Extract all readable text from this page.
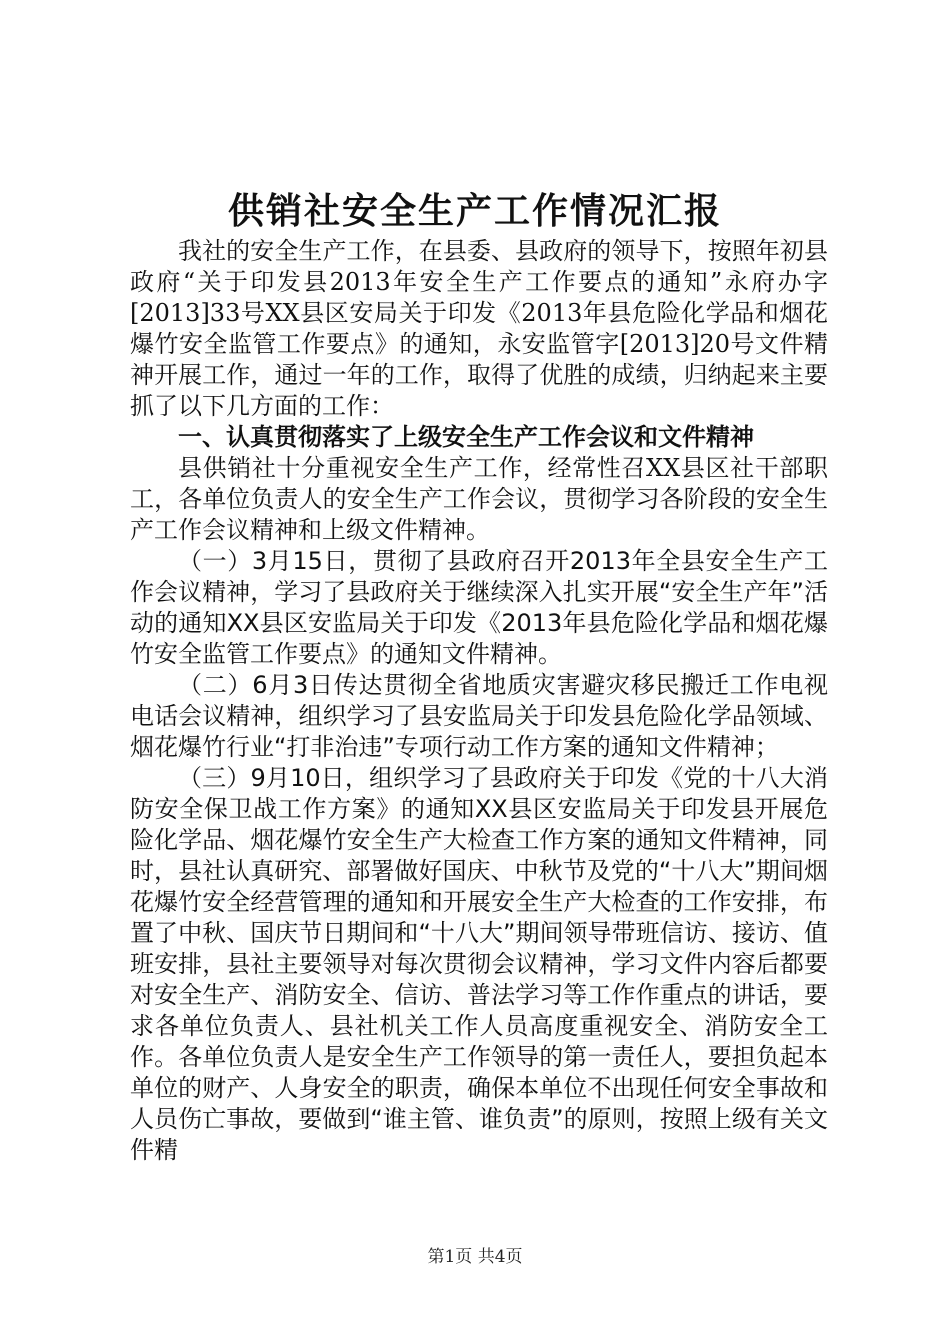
供销社安全生产工作情况汇报

我社的安全生产工作，在县委、县政府的领导下，按照年初县政府“关于印发县2013年安全生产工作要点的通知”永府办字[2013]33号XX县区安局关于印发《2013年县危险化学品和烟花爆竹安全监管工作要点》的通知，永安监管字[2013]20号文件精神开展工作，通过一年的工作，取得了优胜的成绩，归纳起来主要抓了以下几方面的工作：

一、认真贯彻落实了上级安全生产工作会议和文件精神

县供销社十分重视安全生产工作，经常性召XX县区社干部职工，各单位负责人的安全生产工作会议，贯彻学习各阶段的安全生产工作会议精神和上级文件精神。

（一）3月15日，贯彻了县政府召开2013年全县安全生产工作会议精神，学习了县政府关于继续深入扎实开展“安全生产年”活动的通知XX县区安监局关于印发《2013年县危险化学品和烟花爆竹安全监管工作要点》的通知文件精神。

（二）6月3日传达贯彻全省地质灾害避灾移民搬迁工作电视电话会议精神，组织学习了县安监局关于印发县危险化学品领域、烟花爆竹行业“打非治违”专项行动工作方案的通知文件精神；

（三）9月10日，组织学习了县政府关于印发《党的十八大消防安全保卫战工作方案》的通知XX县区安监局关于印发县开展危险化学品、烟花爆竹安全生产大检查工作方案的通知文件精神，同时，县社认真研究、部署做好国庆、中秋节及党的“十八大”期间烟花爆竹安全经营管理的通知和开展安全生产大检查的工作安排，布置了中秋、国庆节日期间和“十八大”期间领导带班信访、接访、值班安排，县社主要领导对每次贯彻会议精神，学习文件内容后都要对安全生产、消防安全、信访、普法学习等工作作重点的讲话，要求各单位负责人、县社机关工作人员高度重视安全、消防安全工作。各单位负责人是安全生产工作领导的第一责任人，要担负起本单位的财产、人身安全的职责，确保本单位不出现任何安全事故和人员伤亡事故，要做到“谁主管、谁负责”的原则，按照上级有关文件精

第1页 共4页
